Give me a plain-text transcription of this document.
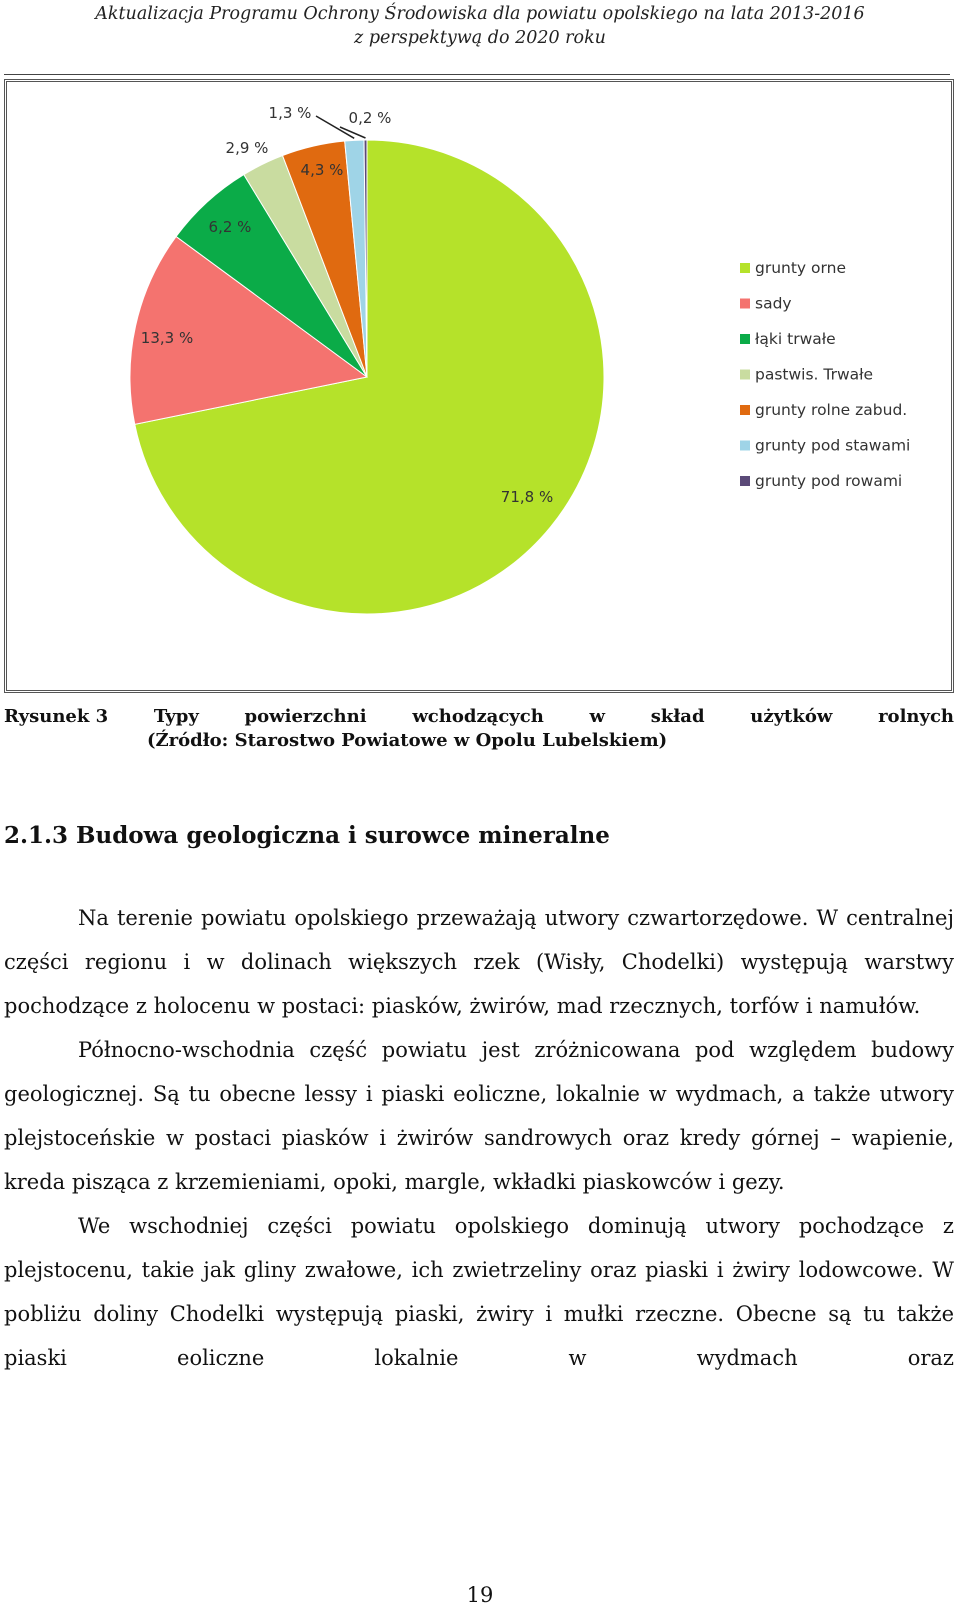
Aktualizacja Programu Ochrony Środowiska dla powiatu opolskiego na lata 2013-2016
z perspektywą do 2020 roku
71,8 %
13,3 %
6,2 %
2,9 %
4,3 %
1,3 % 0,2 %
grunty orne
sady
łąki trwałe
pastwis. Trwałe
grunty rolne zabud.
grunty pod stawami
grunty pod rowami
Rysunek 3	Typy	powierzchni	wchodzących	w	skład	użytków	rolnych
(Źródło: Starostwo Powiatowe w Opolu Lubelskiem)
2.1.3 Budowa geologiczna i surowce mineralne

Na terenie powiatu opolskiego przeważają utwory czwartorzędowe. W centralnej części regionu i w dolinach większych rzek (Wisły, Chodelki) występują warstwy pochodzące z holocenu w postaci: piasków, żwirów, mad rzecznych, torfów i namułów.

Północno-wschodnia część powiatu jest zróżnicowana pod względem budowy geologicznej. Są tu obecne lessy i piaski eoliczne, lokalnie w wydmach, a także utwory plejstoceńskie w postaci piasków i żwirów sandrowych oraz kredy górnej – wapienie, kreda pisząca z krzemieniami, opoki, margle, wkładki piaskowców i gezy.

We wschodniej części powiatu opolskiego dominują utwory pochodzące z plejstocenu, takie jak gliny zwałowe, ich zwietrzeliny oraz piaski i żwiry lodowcowe. W pobliżu doliny Chodelki występują piaski, żwiry i mułki rzeczne. Obecne są tu także piaski eoliczne lokalnie w wydmach oraz

19
